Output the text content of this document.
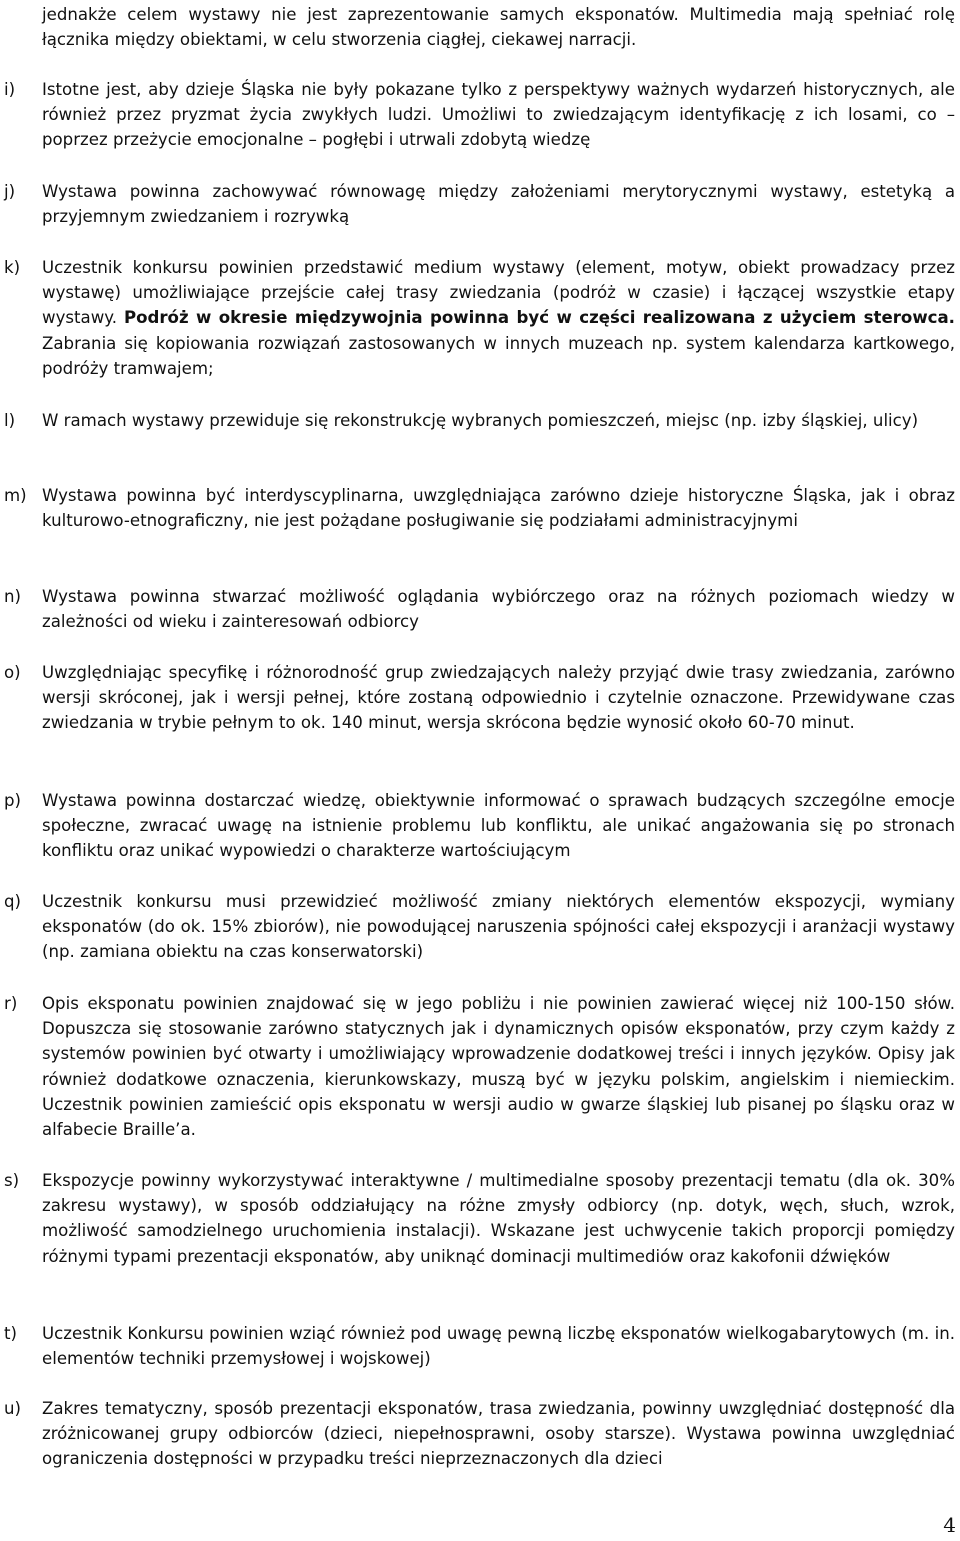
jednakże celem wystawy nie jest zaprezentowanie samych eksponatów. Multimedia mają spełniać rolę łącznika między obiektami, w celu stworzenia ciągłej, ciekawej narracji.

i)	Istotne jest, aby dzieje Śląska nie były pokazane tylko z perspektywy ważnych wydarzeń historycznych, ale również przez pryzmat życia zwykłych ludzi. Umożliwi to zwiedzającym identyfikację z ich losami, co – poprzez przeżycie emocjonalne – pogłębi i utrwali zdobytą wiedzę

j)	Wystawa powinna zachowywać równowagę między założeniami merytorycznymi wystawy, estetyką a przyjemnym zwiedzaniem i rozrywką

k)	Uczestnik konkursu powinien przedstawić medium wystawy (element, motyw, obiekt prowadzacy przez wystawę) umożliwiające przejście całej trasy zwiedzania (podróż w czasie) i łączącej wszystkie etapy wystawy. Podróż w okresie międzywojnia powinna być w części realizowana z użyciem sterowca. Zabrania się kopiowania rozwiązań zastosowanych w innych muzeach np. system kalendarza kartkowego, podróży tramwajem;

l)	W ramach wystawy przewiduje się rekonstrukcję wybranych pomieszczeń, miejsc (np. izby śląskiej, ulicy)

m) Wystawa powinna być interdyscyplinarna, uwzględniająca zarówno dzieje historyczne Śląska, jak i obraz kulturowo-etnograficzny, nie jest pożądane posługiwanie się podziałami administracyjnymi

n)	Wystawa powinna stwarzać możliwość oglądania wybiórczego oraz na różnych poziomach wiedzy w zależności od wieku i zainteresowań odbiorcy

o)	Uwzględniając specyfikę i różnorodność grup zwiedzających należy przyjąć dwie trasy zwiedzania, zarówno wersji skróconej, jak i wersji pełnej, które zostaną odpowiednio i czytelnie oznaczone. Przewidywane czas zwiedzania w trybie pełnym to ok. 140 minut, wersja skrócona będzie wynosić około 60-70 minut.

p)	Wystawa powinna dostarczać wiedzę, obiektywnie informować o sprawach budzących szczególne emocje społeczne, zwracać uwagę na istnienie problemu lub konfliktu, ale unikać angażowania się po stronach konfliktu oraz unikać wypowiedzi o charakterze wartościującym

q)	Uczestnik konkursu musi przewidzieć możliwość zmiany niektórych elementów ekspozycji, wymiany eksponatów (do ok. 15% zbiorów), nie powodującej naruszenia spójności całej ekspozycji i aranżacji wystawy (np. zamiana obiektu na czas konserwatorski)

r)	Opis eksponatu powinien znajdować się w jego pobliżu i nie powinien zawierać więcej niż 100-150 słów. Dopuszcza się stosowanie zarówno statycznych jak i dynamicznych opisów eksponatów, przy czym każdy z systemów powinien być otwarty i umożliwiający wprowadzenie dodatkowej treści i innych języków. Opisy jak również dodatkowe oznaczenia, kierunkowskazy, muszą być w języku polskim, angielskim i niemieckim. Uczestnik powinien zamieścić opis eksponatu w wersji audio w gwarze śląskiej lub pisanej po śląsku oraz w alfabecie Braille’a.

s)	Ekspozycje powinny wykorzystywać interaktywne / multimedialne sposoby prezentacji tematu (dla ok. 30% zakresu wystawy), w sposób oddziałujący na różne zmysły odbiorcy (np. dotyk, węch, słuch, wzrok, możliwość samodzielnego uruchomienia instalacji). Wskazane jest uchwycenie takich proporcji pomiędzy różnymi typami prezentacji eksponatów, aby uniknąć dominacji multimediów oraz kakofonii dźwięków

t)	Uczestnik Konkursu powinien wziąć również pod uwagę pewną liczbę eksponatów wielkogabarytowych (m. in. elementów techniki przemysłowej i wojskowej)

u)	Zakres tematyczny, sposób prezentacji eksponatów, trasa zwiedzania, powinny uwzględniać dostępność dla zróżnicowanej grupy odbiorców (dzieci, niepełnosprawni, osoby starsze). Wystawa powinna uwzględniać ograniczenia dostępności w przypadku treści nieprzeznaczonych dla dzieci

4
